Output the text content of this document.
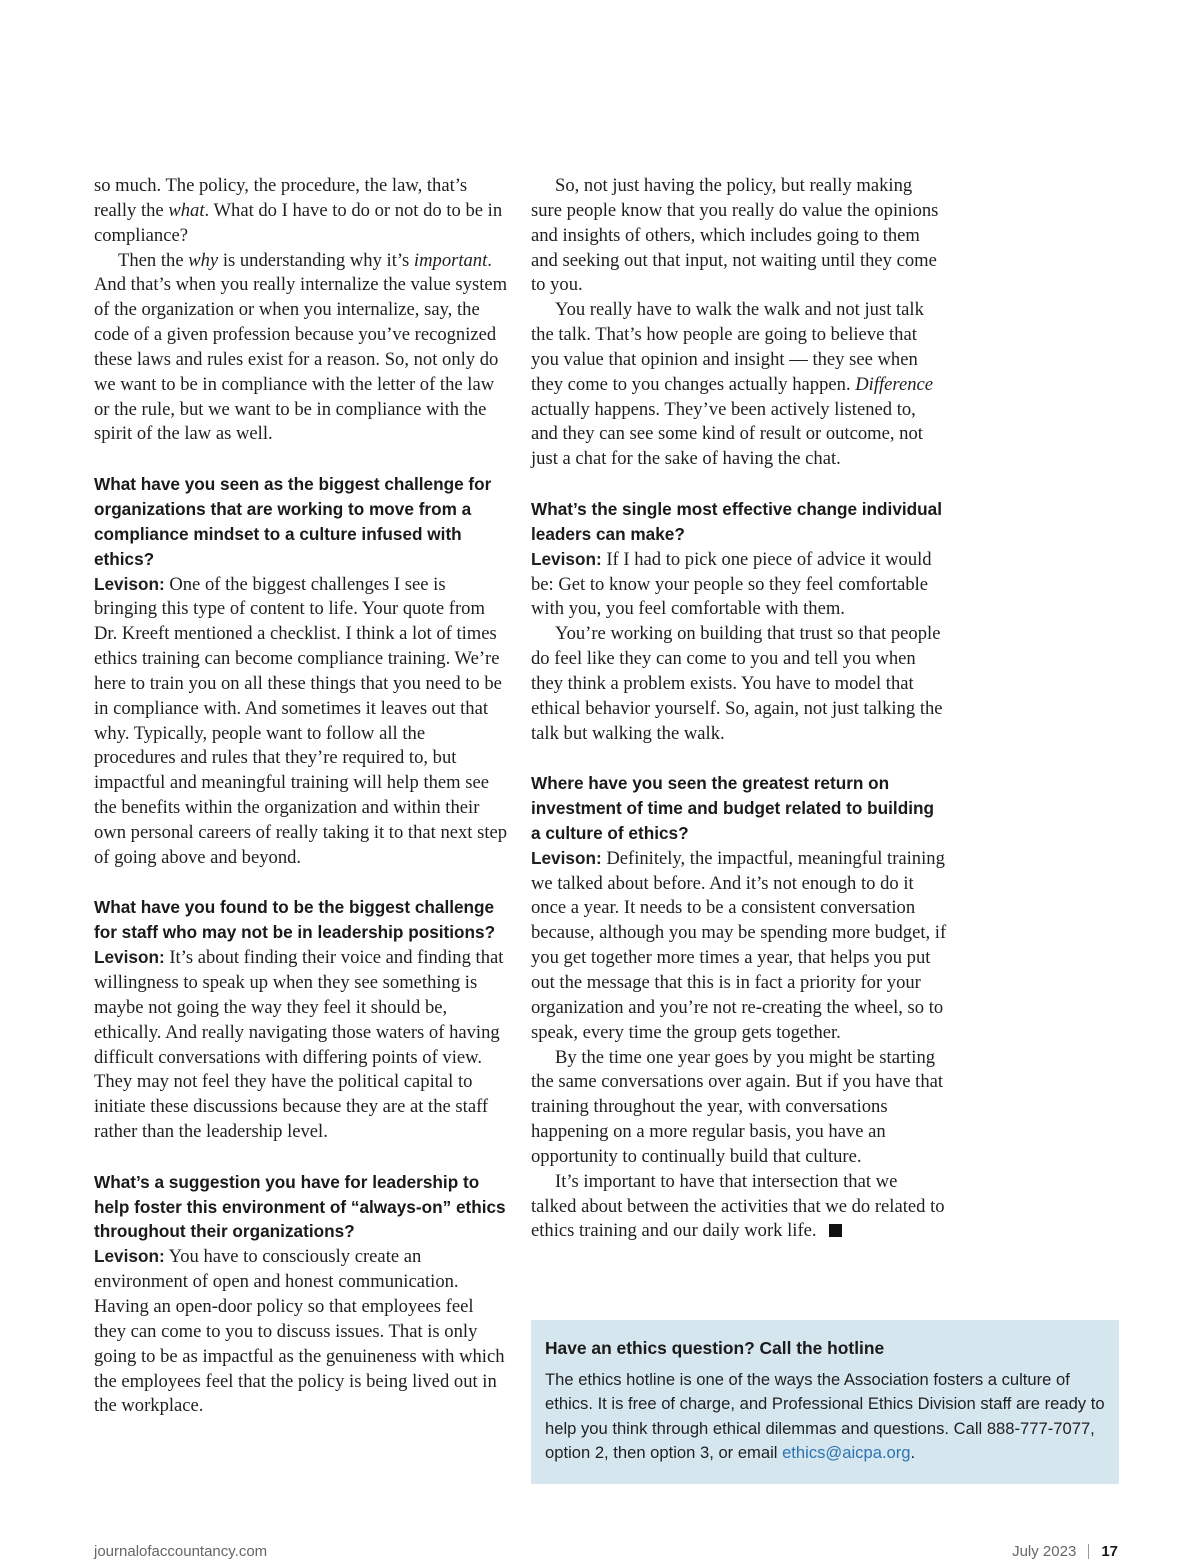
so much. The policy, the procedure, the law, that’s really the what. What do I have to do or not do to be in compliance?

Then the why is understanding why it’s important. And that’s when you really internalize the value system of the organization or when you internalize, say, the code of a given profession because you’ve recognized these laws and rules exist for a reason. So, not only do we want to be in compliance with the letter of the law or the rule, but we want to be in compliance with the spirit of the law as well.

What have you seen as the biggest challenge for organizations that are working to move from a compliance mindset to a culture infused with ethics?

Levison: One of the biggest challenges I see is bringing this type of content to life. Your quote from Dr. Kreeft mentioned a checklist. I think a lot of times ethics training can become compliance training. We’re here to train you on all these things that you need to be in compliance with. And sometimes it leaves out that why. Typically, people want to follow all the procedures and rules that they’re required to, but impactful and meaningful training will help them see the benefits within the organization and within their own personal careers of really taking it to that next step of going above and beyond.

What have you found to be the biggest challenge for staff who may not be in leadership positions?

Levison: It’s about finding their voice and finding that willingness to speak up when they see something is maybe not going the way they feel it should be, ethically. And really navigating those waters of having difficult conversations with differing points of view. They may not feel they have the political capital to initiate these discussions because they are at the staff rather than the leadership level.

What’s a suggestion you have for leadership to help foster this environment of “always-on” ethics throughout their organizations?

Levison: You have to consciously create an environment of open and honest communication. Having an open-door policy so that employees feel they can come to you to discuss issues. That is only going to be as impactful as the genuineness with which the employees feel that the policy is being lived out in the workplace.

So, not just having the policy, but really making sure people know that you really do value the opinions and insights of others, which includes going to them and seeking out that input, not waiting until they come to you.

You really have to walk the walk and not just talk the talk. That’s how people are going to believe that you value that opinion and insight — they see when they come to you changes actually happen. Difference actually happens. They’ve been actively listened to, and they can see some kind of result or outcome, not just a chat for the sake of having the chat.

What’s the single most effective change individual leaders can make?

Levison: If I had to pick one piece of advice it would be: Get to know your people so they feel comfortable with you, you feel comfortable with them.

You’re working on building that trust so that people do feel like they can come to you and tell you when they think a problem exists. You have to model that ethical behavior yourself. So, again, not just talking the talk but walking the walk.

Where have you seen the greatest return on investment of time and budget related to building a culture of ethics?

Levison: Definitely, the impactful, meaningful training we talked about before. And it’s not enough to do it once a year. It needs to be a consistent conversation because, although you may be spending more budget, if you get together more times a year, that helps you put out the message that this is in fact a priority for your organization and you’re not re-creating the wheel, so to speak, every time the group gets together.

By the time one year goes by you might be starting the same conversations over again. But if you have that training throughout the year, with conversations happening on a more regular basis, you have an opportunity to continually build that culture.

It’s important to have that intersection that we talked about between the activities that we do related to ethics training and our daily work life.

Have an ethics question? Call the hotline
The ethics hotline is one of the ways the Association fosters a culture of ethics. It is free of charge, and Professional Ethics Division staff are ready to help you think through ethical dilemmas and questions. Call 888-777-7077, option 2, then option 3, or email ethics@aicpa.org.
journalofaccountancy.com	July 2023 17
